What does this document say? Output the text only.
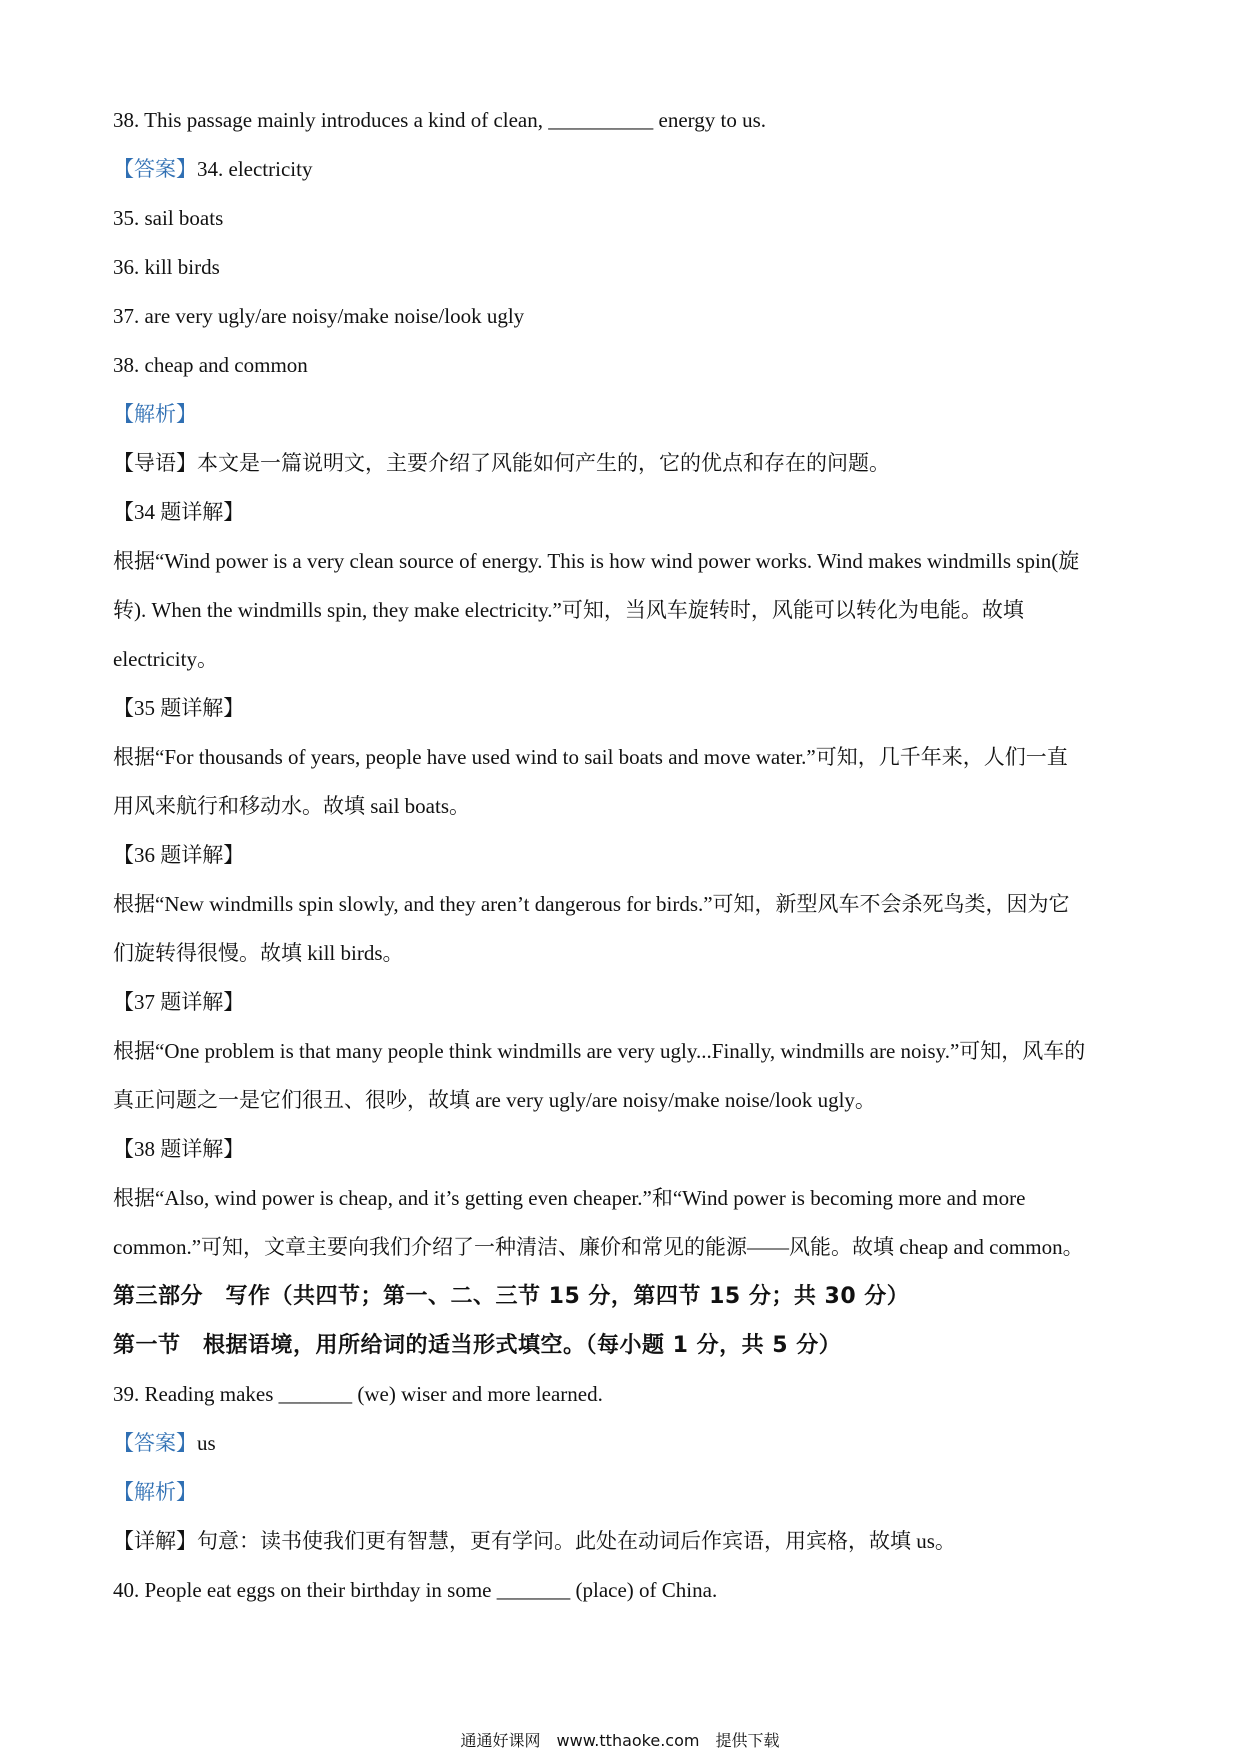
38. This passage mainly introduces a kind of clean, __________ energy to us.
【答案】34. electricity
35. sail boats
36. kill birds
37. are very ugly/are noisy/make noise/look ugly
38. cheap and common
【解析】
【导语】本文是一篇说明文，主要介绍了风能如何产生的，它的优点和存在的问题。
【34 题详解】
根据“Wind power is a very clean source of energy. This is how wind power works. Wind makes windmills spin(旋
转). When the windmills spin, they make electricity.”可知，当风车旋转时，风能可以转化为电能。故填
electricity。
【35 题详解】
根据“For thousands of years, people have used wind to sail boats and move water.”可知，几千年来，人们一直
用风来航行和移动水。故填 sail boats。
【36 题详解】
根据“New windmills spin slowly, and they aren’t dangerous for birds.”可知，新型风车不会杀死鸟类，因为它
们旋转得很慢。故填 kill birds。
【37 题详解】
根据“One problem is that many people think windmills are very ugly...Finally, windmills are noisy.”可知，风车的
真正问题之一是它们很丑、很吵，故填 are very ugly/are noisy/make noise/look ugly。
【38 题详解】
根据“Also, wind power is cheap, and it’s getting even cheaper.”和“Wind power is becoming more and more
common.”可知，文章主要向我们介绍了一种清洁、廉价和常见的能源——风能。故填 cheap and common。
第三部分　写作（共四节；第一、二、三节 15 分，第四节 15 分；共 30 分）
第一节　根据语境，用所给词的适当形式填空。（每小题 1 分，共 5 分）
39. Reading makes _______ (we) wiser and more learned.
【答案】us
【解析】
【详解】句意：读书使我们更有智慧，更有学问。此处在动词后作宾语，用宾格，故填 us。
40. People eat eggs on their birthday in some _______ (place) of China.
通通好课网　www.tthaoke.com　提供下载
